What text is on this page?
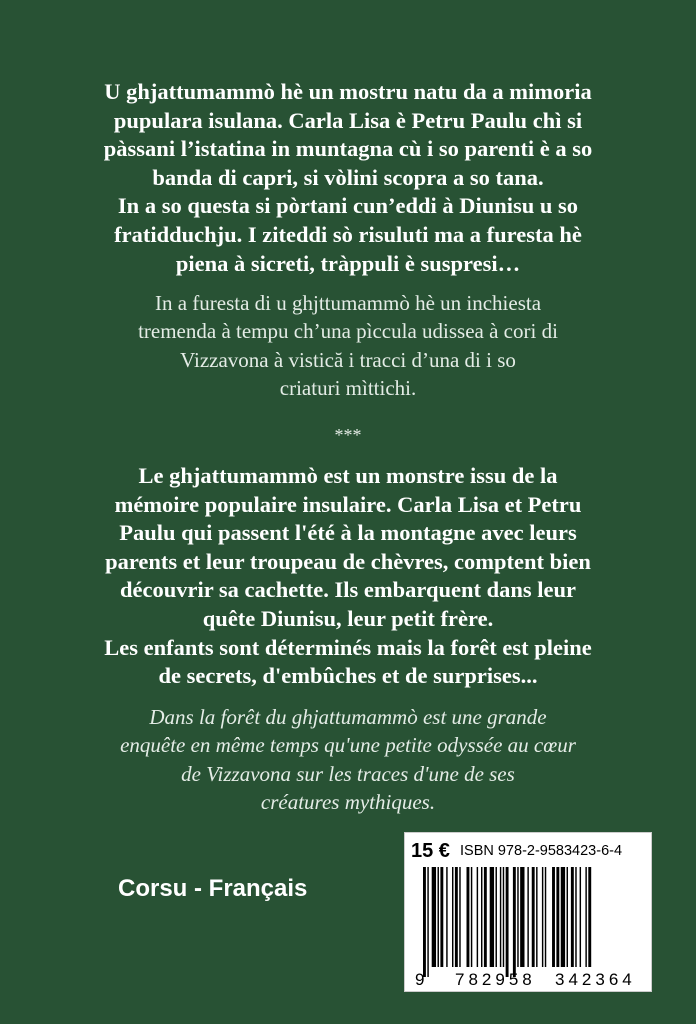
U ghjattumammò hè un mostru natu da a mimoria
pupulara isulana. Carla Lisa è Petru Paulu chì si
pàssani l’istatina in muntagna cù i so parenti è a so
banda di capri, si vòlini scopra a so tana.
In a so questa si pòrtani cun’eddi à Diunisu u so
fratidduchju. I ziteddi sò risuluti ma a furesta hè
piena à sicreti, tràppuli è suspresi…
In a furesta di u ghjttumammò hè un inchiesta
tremenda à tempu ch’una pìccula udissea à cori di
Vizzavona à vistică i tracci d’una di i so
criaturi mìttichi.
***
Le ghjattumammò est un monstre issu de la
mémoire populaire insulaire. Carla Lisa et Petru
Paulu qui passent l'été à la montagne avec leurs
parents et leur troupeau de chèvres, comptent bien
découvrir sa cachette. Ils embarquent dans leur
quête Diunisu, leur petit frère.
Les enfants sont déterminés mais la forêt est pleine
de secrets, d'embûches et de surprises...
Dans la forêt du ghjattumammò est une grande
enquête en même temps qu'une petite odyssée au cœur
de Vizzavona sur les traces d'une de ses
créatures mythiques.
Corsu - Français
15 € ISBN 978-2-9583423-6-4
9 782958 342364
